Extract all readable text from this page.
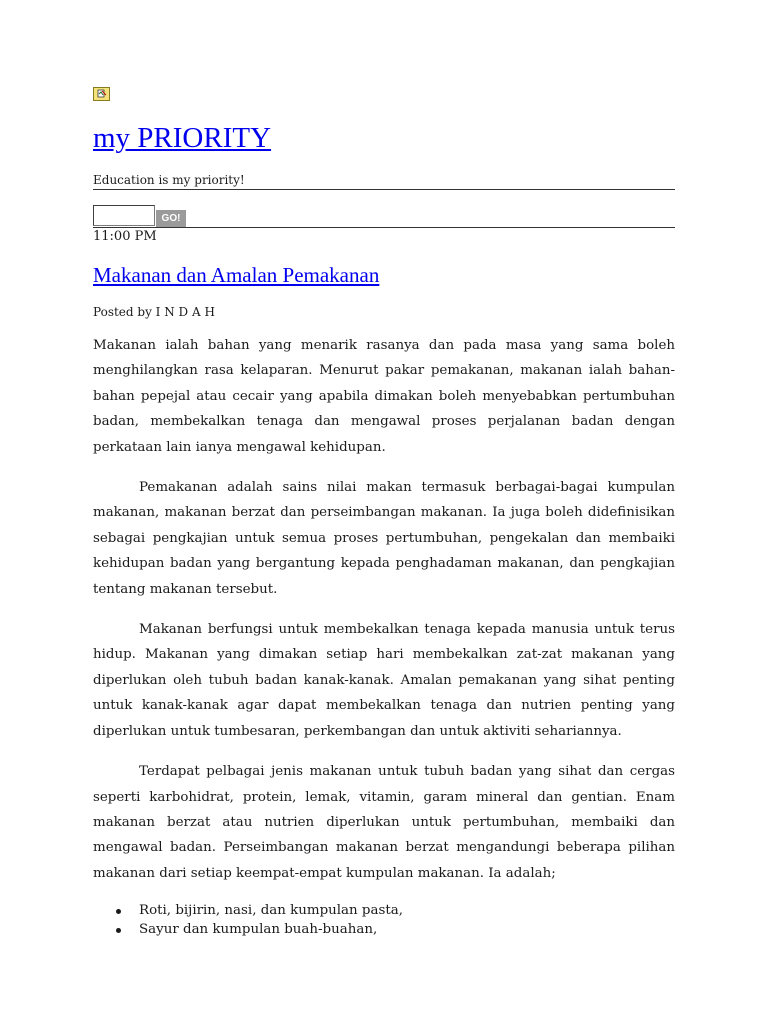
my PRIORITY
Education is my priority!
GO!
11:00 PM
Makanan dan Amalan Pemakanan
Posted by I N D A H

Makanan ialah bahan yang menarik rasanya dan pada masa yang sama boleh menghilangkan rasa kelaparan. Menurut pakar pemakanan, makanan ialah bahan-bahan pepejal atau cecair yang apabila dimakan boleh menyebabkan pertumbuhan badan, membekalkan tenaga dan mengawal proses perjalanan badan dengan perkataan lain ianya mengawal kehidupan.

Pemakanan adalah sains nilai makan termasuk berbagai-bagai kumpulan makanan, makanan berzat dan perseimbangan makanan. Ia juga boleh didefinisikan sebagai pengkajian untuk semua proses pertumbuhan, pengekalan dan membaiki kehidupan badan yang bergantung kepada penghadaman makanan, dan pengkajian tentang makanan tersebut.

Makanan berfungsi untuk membekalkan tenaga kepada manusia untuk terus hidup. Makanan yang dimakan setiap hari membekalkan zat-zat makanan yang diperlukan oleh tubuh badan kanak-kanak. Amalan pemakanan yang sihat penting untuk kanak-kanak agar dapat membekalkan tenaga dan nutrien penting yang diperlukan untuk tumbesaran, perkembangan dan untuk aktiviti sehariannya.

Terdapat pelbagai jenis makanan untuk tubuh badan yang sihat dan cergas seperti karbohidrat, protein, lemak, vitamin, garam mineral dan gentian. Enam makanan berzat atau nutrien diperlukan untuk pertumbuhan, membaiki dan mengawal badan. Perseimbangan makanan berzat mengandungi beberapa pilihan makanan dari setiap keempat-empat kumpulan makanan. Ia adalah;

Roti, bijirin, nasi, dan kumpulan pasta,
Sayur dan kumpulan buah-buahan,
